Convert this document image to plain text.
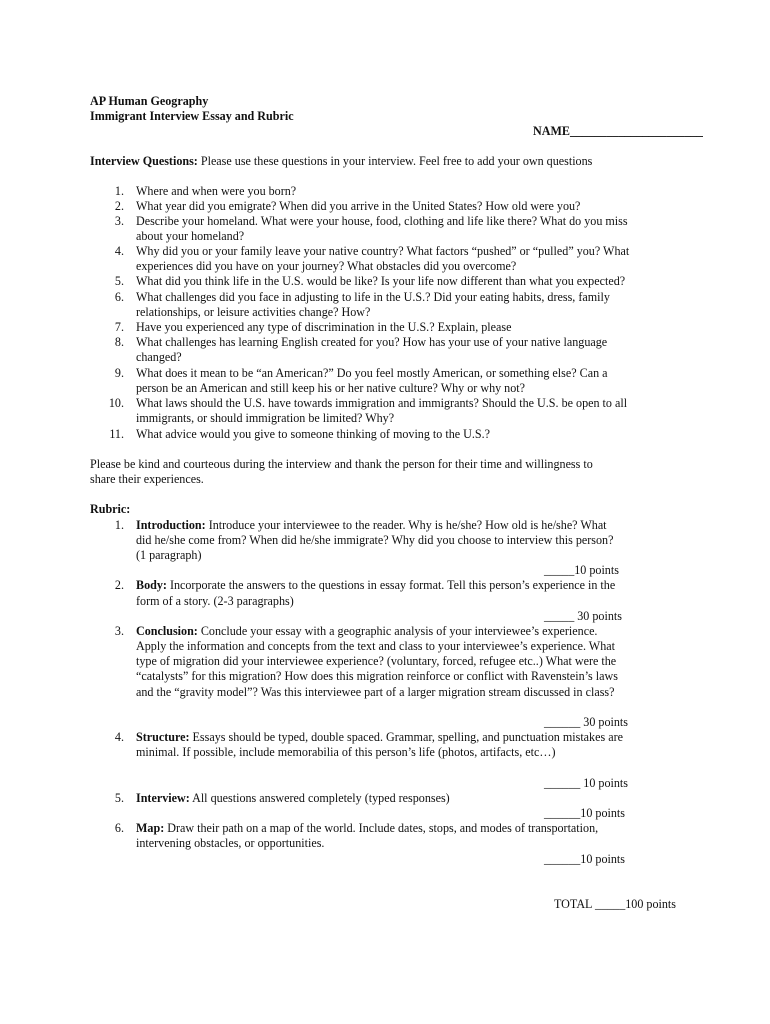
AP Human Geography
Immigrant Interview Essay and Rubric
NAME______________________
Interview Questions: Please use these questions in your interview. Feel free to add your own questions
1. Where and when were you born?
2. What year did you emigrate? When did you arrive in the United States? How old were you?
3. Describe your homeland. What were your house, food, clothing and life like there? What do you miss
about your homeland?
4. Why did you or your family leave your native country? What factors “pushed” or “pulled” you? What
experiences did you have on your journey? What obstacles did you overcome?
5. What did you think life in the U.S. would be like? Is your life now different than what you expected?
6. What challenges did you face in adjusting to life in the U.S.? Did your eating habits, dress, family
relationships, or leisure activities change? How?
7. Have you experienced any type of discrimination in the U.S.? Explain, please
8. What challenges has learning English created for you? How has your use of your native language
changed?
9. What does it mean to be “an American?” Do you feel mostly American, or something else? Can a
person be an American and still keep his or her native culture? Why or why not?
10. What laws should the U.S. have towards immigration and immigrants? Should the U.S. be open to all
immigrants, or should immigration be limited? Why?
11. What advice would you give to someone thinking of moving to the U.S.?
Please be kind and courteous during the interview and thank the person for their time and willingness to
share their experiences.
Rubric:
1. Introduction: Introduce your interviewee to the reader. Why is he/she? How old is he/she? What
did he/she come from? When did he/she immigrate? Why did you choose to interview this person?
(1 paragraph)
_____10 points
2. Body: Incorporate the answers to the questions in essay format. Tell this person’s experience in the
form of a story. (2-3 paragraphs)
_____ 30 points
3. Conclusion: Conclude your essay with a geographic analysis of your interviewee’s experience.
Apply the information and concepts from the text and class to your interviewee’s experience. What
type of migration did your interviewee experience? (voluntary, forced, refugee etc..) What were the
“catalysts” for this migration? How does this migration reinforce or conflict with Ravenstein’s laws
and the “gravity model”? Was this interviewee part of a larger migration stream discussed in class?
______ 30 points
4. Structure: Essays should be typed, double spaced. Grammar, spelling, and punctuation mistakes are
minimal. If possible, include memorabilia of this person’s life (photos, artifacts, etc…)
______ 10 points
5. Interview: All questions answered completely (typed responses)
______10 points
6. Map: Draw their path on a map of the world. Include dates, stops, and modes of transportation,
intervening obstacles, or opportunities.
______10 points
TOTAL _____100 points
